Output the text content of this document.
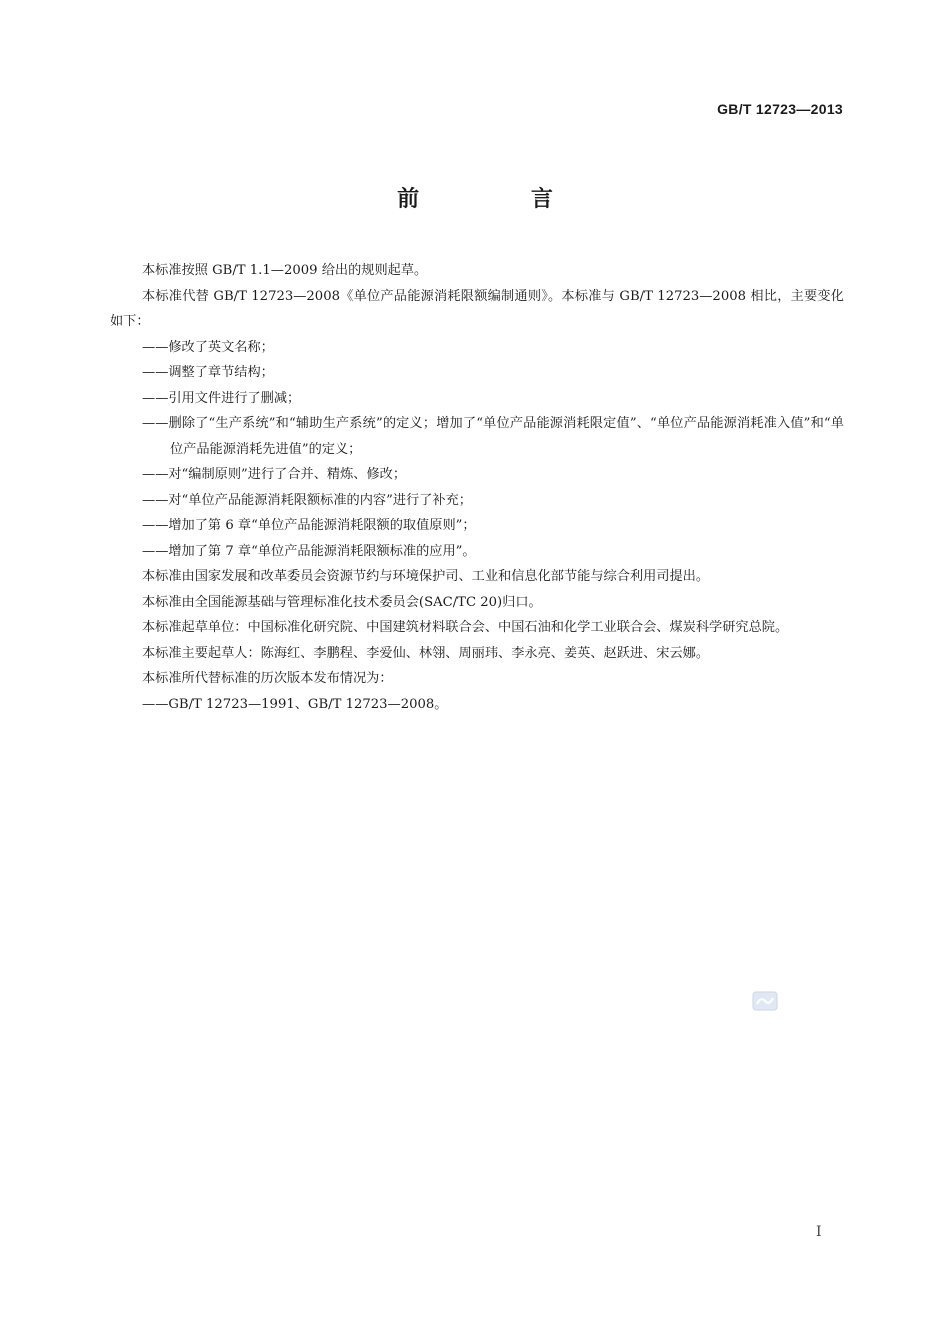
GB/T 12723—2013
前 言

本标准按照 GB/T 1.1—2009 给出的规则起草。

本标准代替 GB/T 12723—2008《单位产品能源消耗限额编制通则》。本标准与 GB/T 12723—2008 相比，主要变化如下：

——修改了英文名称；

——调整了章节结构；

——引用文件进行了删减；

——删除了“生产系统”和“辅助生产系统”的定义；增加了“单位产品能源消耗限定值”、“单位产品能源消耗准入值”和“单位产品能源消耗先进值”的定义；

——对“编制原则”进行了合并、精炼、修改；

——对“单位产品能源消耗限额标准的内容”进行了补充；

——增加了第 6 章“单位产品能源消耗限额的取值原则”；

——增加了第 7 章“单位产品能源消耗限额标准的应用”。

本标准由国家发展和改革委员会资源节约与环境保护司、工业和信息化部节能与综合利用司提出。

本标准由全国能源基础与管理标准化技术委员会(SAC/TC 20)归口。

本标准起草单位：中国标准化研究院、中国建筑材料联合会、中国石油和化学工业联合会、煤炭科学研究总院。

本标准主要起草人：陈海红、李鹏程、李爱仙、林翎、周丽玮、李永亮、姜英、赵跃进、宋云娜。

本标准所代替标准的历次版本发布情况为：

——GB/T 12723—1991、GB/T 12723—2008。

I
